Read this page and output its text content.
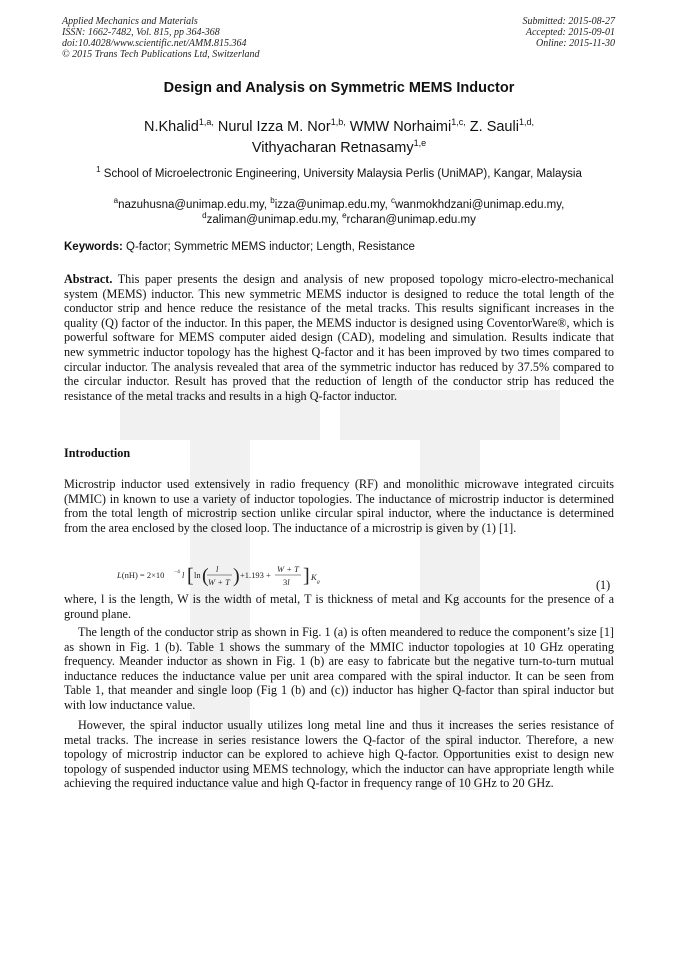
Applied Mechanics and Materials
ISSN: 1662-7482, Vol. 815, pp 364-368
doi:10.4028/www.scientific.net/AMM.815.364
© 2015 Trans Tech Publications Ltd, Switzerland
Submitted: 2015-08-27
Accepted: 2015-09-01
Online: 2015-11-30
Design and Analysis on Symmetric MEMS Inductor
N.Khalid$^{1,a,}$ Nurul Izza M. Nor$^{1,b,}$ WMW Norhaimi$^{1,c,}$ Z. Sauli$^{1,d,}$
Vithyacharan Retnasamy$^{1,e}$
$^1$ School of Microelectronic Engineering, University Malaysia Perlis (UniMAP), Kangar, Malaysia
$^a$nazuhusna@unimap.edu.my, $^b$izza@unimap.edu.my, $^c$wanmokhdzani@unimap.edu.my,
$^d$zaliman@unimap.edu.my, $^e$rcharan@unimap.edu.my
Keywords: Q-factor; Symmetric MEMS inductor; Length, Resistance

Abstract. This paper presents the design and analysis of new proposed topology micro-electro-mechanical system (MEMS) inductor. This new symmetric MEMS inductor is designed to reduce the total length of the conductor strip and hence reduce the resistance of the metal tracks. This results significant increases in the quality (Q) factor of the inductor. In this paper, the MEMS inductor is designed using CoventorWare®, which is powerful software for MEMS computer aided design (CAD), modeling and simulation. Results indicate that new symmetric inductor topology has the highest Q-factor and it has been improved by two times compared to circular inductor. The analysis revealed that area of the symmetric inductor has reduced by 37.5% compared to the circular inductor. Result has proved that the reduction of length of the conductor strip has reduced the resistance of the metal tracks and results in a high Q-factor inductor.

Introduction

Microstrip inductor used extensively in radio frequency (RF) and monolithic microwave integrated circuits (MMIC) in known to use a variety of inductor topologies. The inductance of microstrip inductor is determined from the total length of microstrip section unlike circular spiral inductor, where the inductance is determined from the area enclosed by the closed loop. The inductance of a microstrip is given by (1) [1].

L(nH) = 2×10 −4 l [ ln ( l
W + T ) +1.193 +
W + T
3l ] K g	(1)

where, l is the length, W is the width of metal, T is thickness of metal and Kg accounts for the presence of a ground plane.

The length of the conductor strip as shown in Fig. 1 (a) is often meandered to reduce the component’s size [1] as shown in Fig. 1 (b). Table 1 shows the summary of the MMIC inductor topologies at 10 GHz operating frequency. Meander inductor as shown in Fig. 1 (b) are easy to fabricate but the negative turn-to-turn mutual inductance reduces the inductance value per unit area compared with the spiral inductor. It can be seen from Table 1, that meander and single loop (Fig 1 (b) and (c)) inductor has higher Q-factor than spiral inductor but with low inductance value.

However, the spiral inductor usually utilizes long metal line and thus it increases the series resistance of metal tracks. The increase in series resistance lowers the Q-factor of the spiral inductor. Therefore, a new topology of microstrip inductor can be explored to achieve high Q-factor. Opportunities exist to design new topology of suspended inductor using MEMS technology, which the inductor can have appropriate length while achieving the required inductance value and high Q-factor in frequency range of 10 GHz to 20 GHz.
